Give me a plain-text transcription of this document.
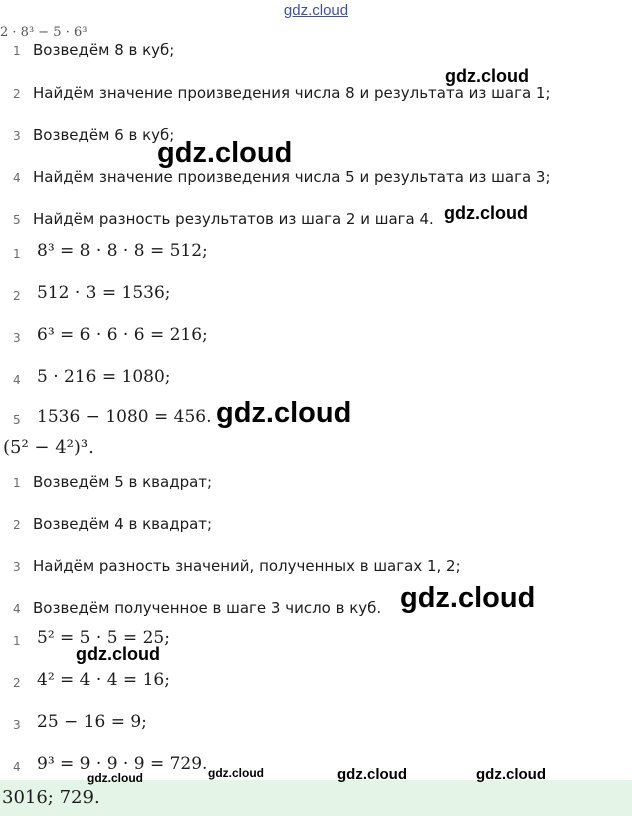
gdz.cloud
2 · 8³ − 5 · 6³
1 Возведём 8 в куб;
2 Найдём значение произведения числа 8 и результата из шага 1;
3 Возведём 6 в куб;
4 Найдём значение произведения числа 5 и результата из шага 3;
5 Найдём разность результатов из шага 2 и шага 4.
1 8³ = 8 · 8 · 8 = 512;
2 512 · 3 = 1536;
3 6³ = 6 · 6 · 6 = 216;
4 5 · 216 = 1080;
5 1536 − 1080 = 456.
(5² − 4²)³.
1 Возведём 5 в квадрат;
2 Возведём 4 в квадрат;
3 Найдём разность значений, полученных в шагах 1, 2;
4 Возведём полученное в шаге 3 число в куб.
1 5² = 5 · 5 = 25;
2 4² = 4 · 4 = 16;
3 25 − 16 = 9;
4 9³ = 9 · 9 · 9 = 729.
3016; 729.
gdz.cloud
gdz.cloud
gdz.cloud
gdz.cloud
gdz.cloud
gdz.cloud
gdz.cloud	gdz.cloud	gdz.cloud	gdz.cloud
